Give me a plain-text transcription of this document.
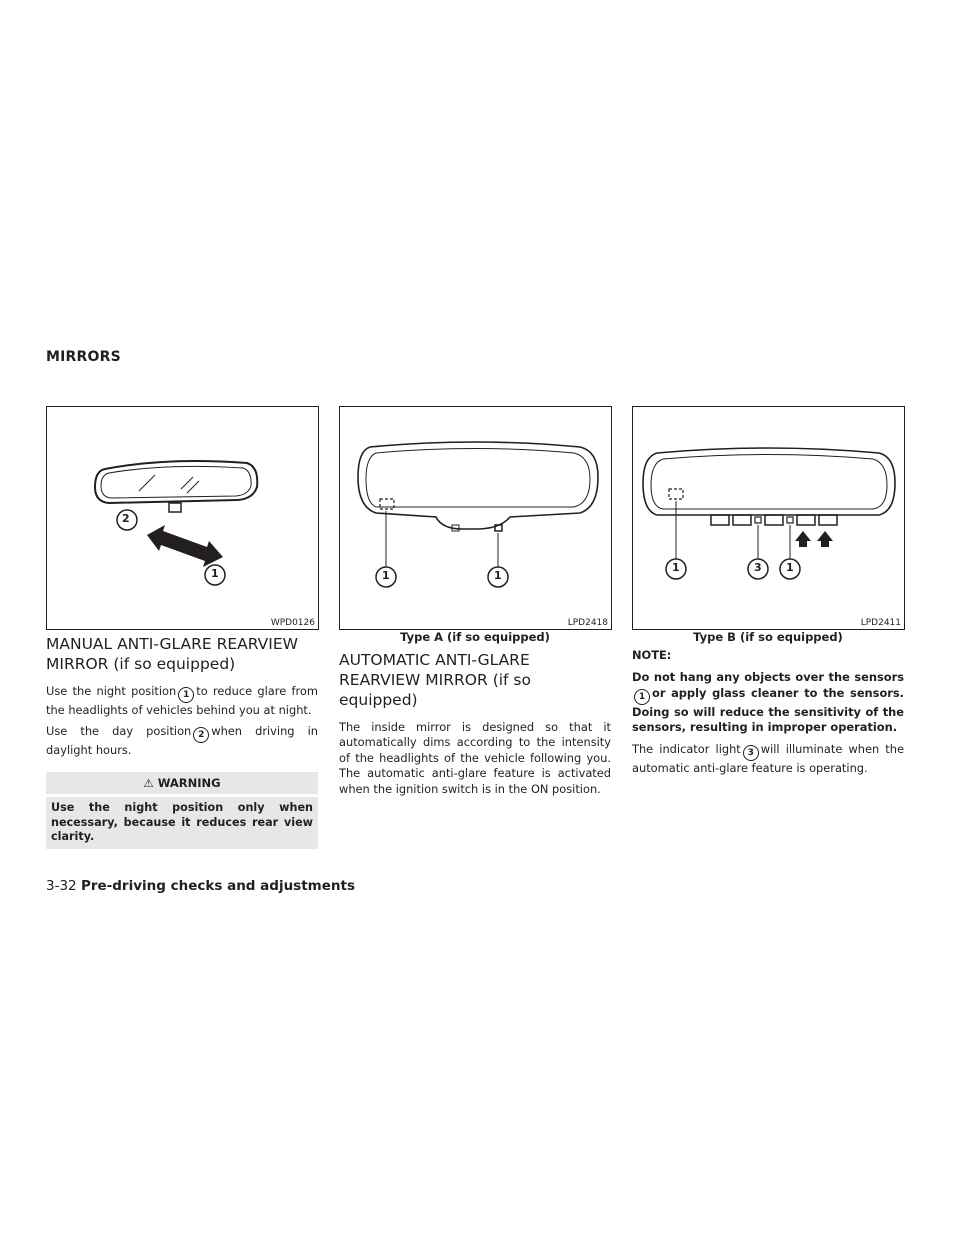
MIRRORS
2
1
WPD0126
1	1
LPD2418
Type A (if so equipped)
1	3 1
LPD2411
Type B (if so equipped)
MANUAL ANTI-GLARE REARVIEW MIRROR (if so equipped)

Use the night position 1 to reduce glare from the headlights of vehicles behind you at night.

Use the day position 2 when driving in daylight hours.

⚠ WARNING
Use the night position only when necessary, because it reduces rear view clarity.
AUTOMATIC ANTI-GLARE REARVIEW MIRROR (if so equipped)

The inside mirror is designed so that it automatically dims according to the intensity of the headlights of the vehicle following you. The automatic anti-glare feature is activated when the ignition switch is in the ON position.

NOTE:

Do not hang any objects over the sensors1 or apply glass cleaner to the sensors. Doing so will reduce the sensitivity of the sensors, resulting in improper operation.

The indicator light 3 will illuminate when the automatic anti-glare feature is operating.

3-32 Pre-driving checks and adjustments
